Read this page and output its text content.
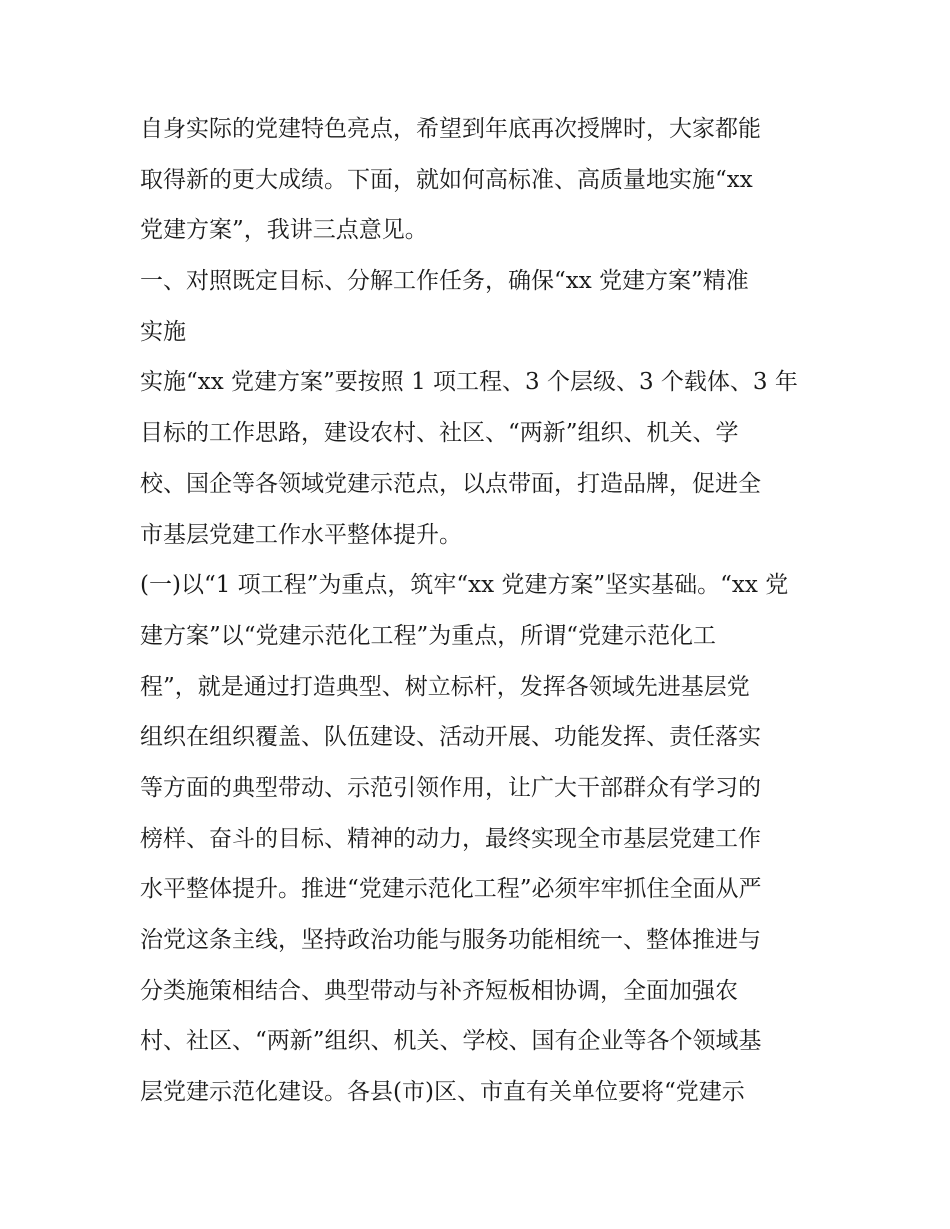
自身实际的党建特色亮点，希望到年底再次授牌时，大家都能
取得新的更大成绩。下面，就如何高标准、高质量地实施“xx
党建方案”，我讲三点意见。
一、对照既定目标、分解工作任务，确保“xx 党建方案”精准
实施
实施“xx 党建方案”要按照 1 项工程、3 个层级、3 个载体、3 年
目标的工作思路，建设农村、社区、“两新”组织、机关、学
校、国企等各领域党建示范点，以点带面，打造品牌，促进全
市基层党建工作水平整体提升。
(一)以“1 项工程”为重点，筑牢“xx 党建方案”坚实基础。“xx 党
建方案”以“党建示范化工程”为重点，所谓“党建示范化工
程”，就是通过打造典型、树立标杆，发挥各领域先进基层党
组织在组织覆盖、队伍建设、活动开展、功能发挥、责任落实
等方面的典型带动、示范引领作用，让广大干部群众有学习的
榜样、奋斗的目标、精神的动力，最终实现全市基层党建工作
水平整体提升。推进“党建示范化工程”必须牢牢抓住全面从严
治党这条主线，坚持政治功能与服务功能相统一、整体推进与
分类施策相结合、典型带动与补齐短板相协调，全面加强农
村、社区、“两新”组织、机关、学校、国有企业等各个领域基
层党建示范化建设。各县(市)区、市直有关单位要将“党建示
